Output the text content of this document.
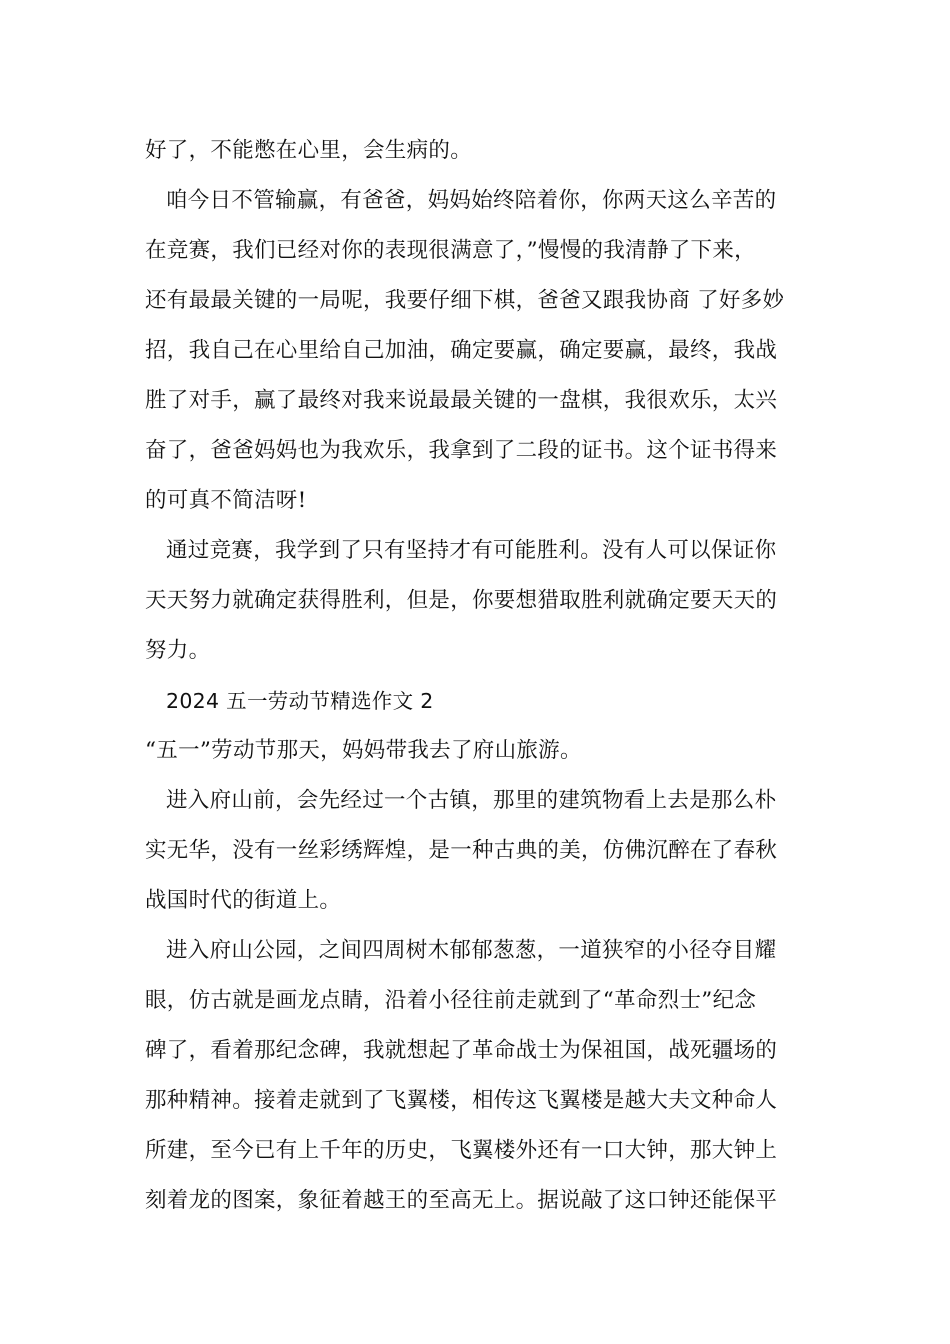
好了，不能憋在心里，会生病的。
咱今日不管输赢，有爸爸，妈妈始终陪着你，你两天这么辛苦的
在竞赛，我们已经对你的表现很满意了，”慢慢的我清静了下来，
还有最最关键的一局呢，我要仔细下棋，爸爸又跟我协商 了好多妙
招，我自己在心里给自己加油，确定要赢，确定要赢，最终，我战
胜了对手，赢了最终对我来说最最关键的一盘棋，我很欢乐，太兴
奋了，爸爸妈妈也为我欢乐，我拿到了二段的证书。这个证书得来
的可真不简洁呀!
通过竞赛，我学到了只有坚持才有可能胜利。没有人可以保证你
天天努力就确定获得胜利，但是，你要想猎取胜利就确定要天天的
努力。
2024 五一劳动节精选作文 2
“五一”劳动节那天，妈妈带我去了府山旅游。
进入府山前，会先经过一个古镇，那里的建筑物看上去是那么朴
实无华，没有一丝彩绣辉煌，是一种古典的美，仿佛沉醉在了春秋
战国时代的街道上。
进入府山公园，之间四周树木郁郁葱葱，一道狭窄的小径夺目耀
眼，仿古就是画龙点睛，沿着小径往前走就到了“革命烈士”纪念
碑了，看着那纪念碑，我就想起了革命战士为保祖国，战死疆场的
那种精神。接着走就到了飞翼楼，相传这飞翼楼是越大夫文种命人
所建，至今已有上千年的历史，飞翼楼外还有一口大钟，那大钟上
刻着龙的图案，象征着越王的至高无上。据说敲了这口钟还能保平
